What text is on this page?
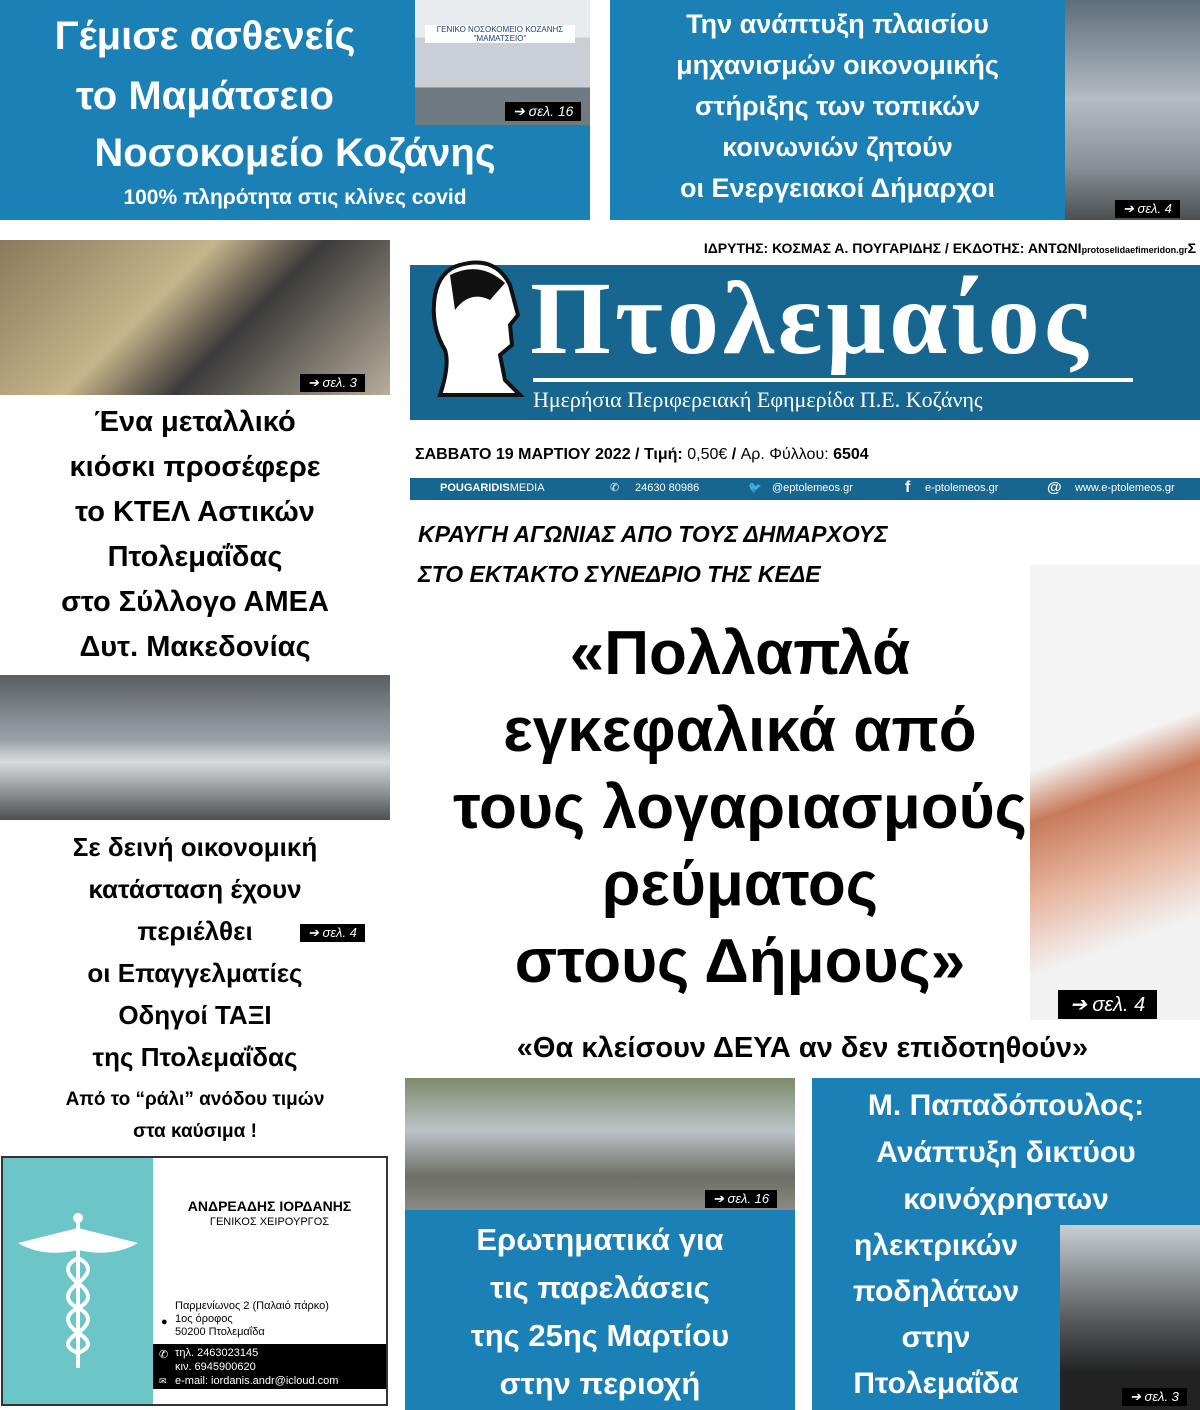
ΓΕΝΙΚΟ ΝΟΣΟΚΟΜΕΙΟ ΚΟΖΑΝΗΣ "ΜΑΜΑΤΣΕΙΟ"
➔ σελ. 16
Γέμισε ασθενείς
το Μαμάτσειο
Νοσοκομείο Κοζάνης
100% πληρότητα στις κλίνες covid	➔ σελ. 4
Την ανάπτυξη πλαισίου
μηχανισμών οικονομικής
στήριξης των τοπικών
κοινωνιών ζητούν
οι Ενεργειακοί Δήμαρχοι
➔ σελ. 3
Ένα μεταλλικό
κιόσκι προσέφερε
το ΚΤΕΛ Αστικών
Πτολεμαΐδας
στο Σύλλογο ΑΜΕΑ
Δυτ. Μακεδονίας
Σε δεινή οικονομική
κατάσταση έχουν
περιέλθει
οι Επαγγελματίες
Οδηγοί ΤΑΞΙ
της Πτολεμαΐδας
➔ σελ. 4
Από το “ράλι” ανόδου τιμών
στα καύσιμα !
ΑΝΔΡΕΑΔΗΣ ΙΟΡΔΑΝΗΣ
ΓΕΝΙΚΟΣ ΧΕΙΡΟΥΡΓΟΣ
●
Παρμενίωνος 2 (Παλαιό πάρκο)
1ος όροφος
50200 Πτολεμαΐδα
✆ τηλ. 2463023145
κιν. 6945900620
✉ e-mail: iordanis.andr@icloud.com
ΙΔΡΥΤΗΣ: ΚΟΣΜΑΣ Α. ΠΟΥΓΑΡΙΔΗΣ / ΕΚΔΟΤΗΣ: ΑΝΤΩΝΙprotoselidaefimeridon.grΣ
Πτολεμαίος
Ημερήσια Περιφερειακή Εφημερίδα Π.Ε. Κοζάνης
ΣΑΒΒΑΤΟ 19 ΜΑΡΤΙΟΥ 2022 / Τιμή: 0,50€ / Αρ. Φύλλου: 6504
POUGARIDISMEDIA	✆ 24630 80986	🐦 @eptolemeos.gr	f e-ptolemeos.gr	@ www.e-ptolemeos.gr
ΚΡΑΥΓΗ ΑΓΩΝΙΑΣ ΑΠΟ ΤΟΥΣ ΔΗΜΑΡΧΟΥΣ
ΣΤΟ ΕΚΤΑΚΤΟ ΣΥΝΕΔΡΙΟ ΤΗΣ ΚΕΔΕ
«Πολλαπλά
εγκεφαλικά από
τους λογαριασμούς
ρεύματος
στους Δήμους»
➔ σελ. 4
«Θα κλείσουν ΔΕΥΑ αν δεν επιδοτηθούν»
➔ σελ. 16
Ερωτηματικά για
τις παρελάσεις
της 25ης Μαρτίου
στην περιοχή
Μ. Παπαδόπουλος:
Ανάπτυξη δικτύου
κοινόχρηστων
ηλεκτρικών
ποδηλάτων
στην
Πτολεμαΐδα	➔ σελ. 3
